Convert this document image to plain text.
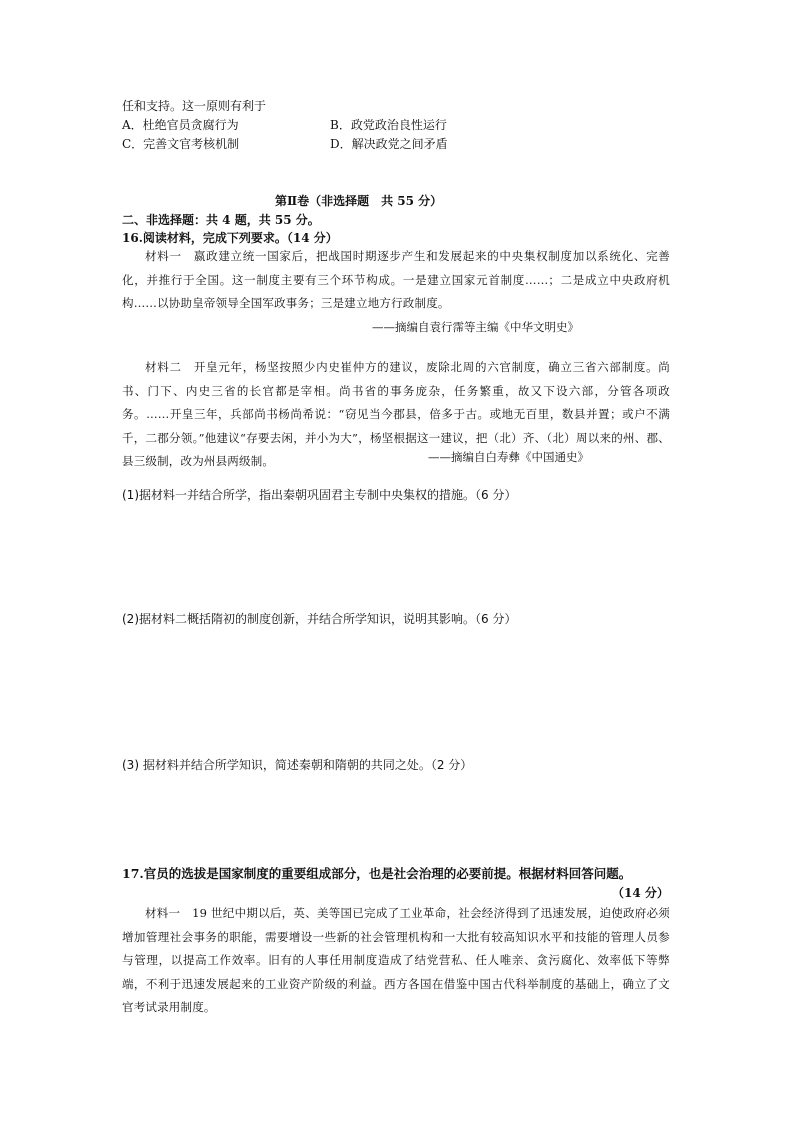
任和支持。这一原则有利于
A．杜绝官员贪腐行为	B．政党政治良性运行
C．完善文官考核机制	D．解决政党之间矛盾
第Ⅱ卷（非选择题　共 55 分）
二、非选择题：共 4 题，共 55 分。
16.阅读材料，完成下列要求。（14 分）
材料一　嬴政建立统一国家后，把战国时期逐步产生和发展起来的中央集权制度加以系统化、完善化，并推行于全国。这一制度主要有三个环节构成。一是建立国家元首制度……；二是成立中央政府机构……以协助皇帝领导全国军政事务；三是建立地方行政制度。
——摘编自袁行霈等主编《中华文明史》
材料二　开皇元年，杨坚按照少内史崔仲方的建议，废除北周的六官制度，确立三省六部制度。尚书、门下、内史三省的长官都是宰相。尚书省的事务庞杂，任务繁重，故又下设六部，分管各项政务。……开皇三年，兵部尚书杨尚希说：“窃见当今郡县，倍多于古。或地无百里，数县并置；或户不满千，二郡分领。”他建议“存要去闲，并小为大”，杨坚根据这一建议，把（北）齐、（北）周以来的州、郡、县三级制，改为州县两级制。	——摘编自白寿彝《中国通史》
(1)据材料一并结合所学，指出秦朝巩固君主专制中央集权的措施。（6 分）
(2)据材料二概括隋初的制度创新，并结合所学知识，说明其影响。（6 分）
(3) 据材料并结合所学知识，简述秦朝和隋朝的共同之处。（2 分）
17.官员的选拔是国家制度的重要组成部分，也是社会治理的必要前提。根据材料回答问题。
（14 分）
材料一　19 世纪中期以后，英、美等国已完成了工业革命，社会经济得到了迅速发展，迫使政府必须增加管理社会事务的职能，需要增设一些新的社会管理机构和一大批有较高知识水平和技能的管理人员参与管理，以提高工作效率。旧有的人事任用制度造成了结党营私、任人唯亲、贪污腐化、效率低下等弊端，不利于迅速发展起来的工业资产阶级的利益。西方各国在借鉴中国古代科举制度的基础上，确立了文官考试录用制度。
